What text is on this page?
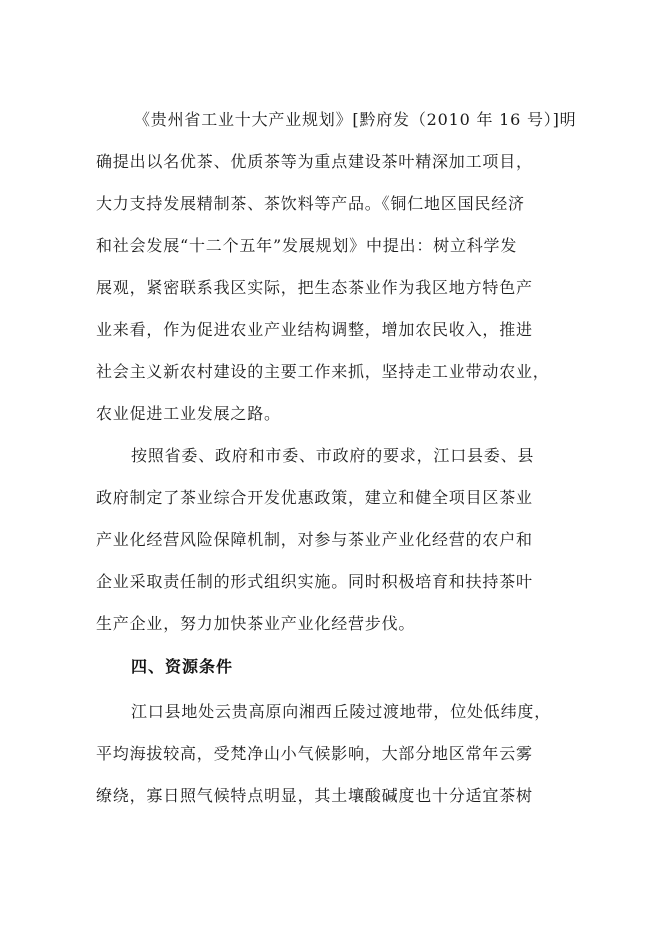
《贵州省工业十大产业规划》[黔府发（2010 年 16 号）]明
确提出以名优茶、优质茶等为重点建设茶叶精深加工项目，
大力支持发展精制茶、茶饮料等产品。《铜仁地区国民经济
和社会发展“十二个五年”发展规划》中提出：树立科学发
展观，紧密联系我区实际，把生态茶业作为我区地方特色产
业来看，作为促进农业产业结构调整，增加农民收入，推进
社会主义新农村建设的主要工作来抓，坚持走工业带动农业，
农业促进工业发展之路。
按照省委、政府和市委、市政府的要求，江口县委、县
政府制定了茶业综合开发优惠政策，建立和健全项目区茶业
产业化经营风险保障机制，对参与茶业产业化经营的农户和
企业采取责任制的形式组织实施。同时积极培育和扶持茶叶
生产企业，努力加快茶业产业化经营步伐。
四、资源条件
江口县地处云贵高原向湘西丘陵过渡地带，位处低纬度，
平均海拔较高，受梵净山小气候影响，大部分地区常年云雾
缭绕，寡日照气候特点明显，其土壤酸碱度也十分适宜茶树
